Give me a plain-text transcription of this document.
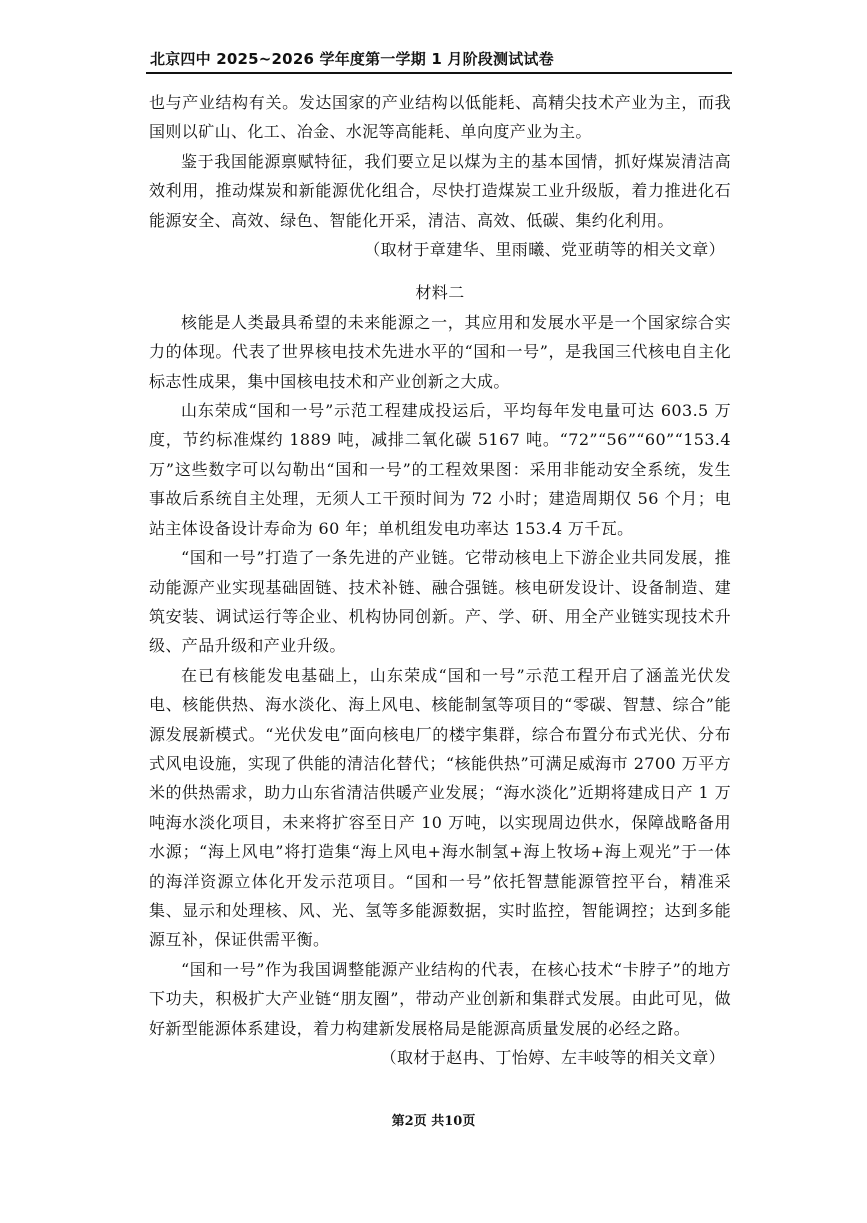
北京四中 2025~2026 学年度第一学期 1 月阶段测试试卷

也与产业结构有关。发达国家的产业结构以低能耗、高精尖技术产业为主，而我国则以矿山、化工、冶金、水泥等高能耗、单向度产业为主。

鉴于我国能源禀赋特征，我们要立足以煤为主的基本国情，抓好煤炭清洁高效利用，推动煤炭和新能源优化组合，尽快打造煤炭工业升级版，着力推进化石能源安全、高效、绿色、智能化开采，清洁、高效、低碳、集约化利用。

（取材于章建华、里雨曦、党亚萌等的相关文章）

材料二

核能是人类最具希望的未来能源之一，其应用和发展水平是一个国家综合实力的体现。代表了世界核电技术先进水平的“国和一号”，是我国三代核电自主化标志性成果，集中国核电技术和产业创新之大成。

山东荣成“国和一号”示范工程建成投运后，平均每年发电量可达 603.5 万度，节约标准煤约 1889 吨，减排二氧化碳 5167 吨。“72”“56”“60”“153.4 万”这些数字可以勾勒出“国和一号”的工程效果图：采用非能动安全系统，发生事故后系统自主处理，无须人工干预时间为 72 小时；建造周期仅 56 个月；电站主体设备设计寿命为 60 年；单机组发电功率达 153.4 万千瓦。

“国和一号”打造了一条先进的产业链。它带动核电上下游企业共同发展，推动能源产业实现基础固链、技术补链、融合强链。核电研发设计、设备制造、建筑安装、调试运行等企业、机构协同创新。产、学、研、用全产业链实现技术升级、产品升级和产业升级。

在已有核能发电基础上，山东荣成“国和一号”示范工程开启了涵盖光伏发电、核能供热、海水淡化、海上风电、核能制氢等项目的“零碳、智慧、综合”能源发展新模式。“光伏发电”面向核电厂的楼宇集群，综合布置分布式光伏、分布式风电设施，实现了供能的清洁化替代；“核能供热”可满足威海市 2700 万平方米的供热需求，助力山东省清洁供暖产业发展；“海水淡化”近期将建成日产 1 万吨海水淡化项目，未来将扩容至日产 10 万吨，以实现周边供水，保障战略备用水源；“海上风电”将打造集“海上风电+海水制氢+海上牧场+海上观光”于一体的海洋资源立体化开发示范项目。“国和一号”依托智慧能源管控平台，精准采集、显示和处理核、风、光、氢等多能源数据，实时监控，智能调控；达到多能源互补，保证供需平衡。

“国和一号”作为我国调整能源产业结构的代表，在核心技术“卡脖子”的地方下功夫，积极扩大产业链“朋友圈”，带动产业创新和集群式发展。由此可见，做好新型能源体系建设，着力构建新发展格局是能源高质量发展的必经之路。

（取材于赵冉、丁怡婷、左丰岐等的相关文章）

第2页 共10页
